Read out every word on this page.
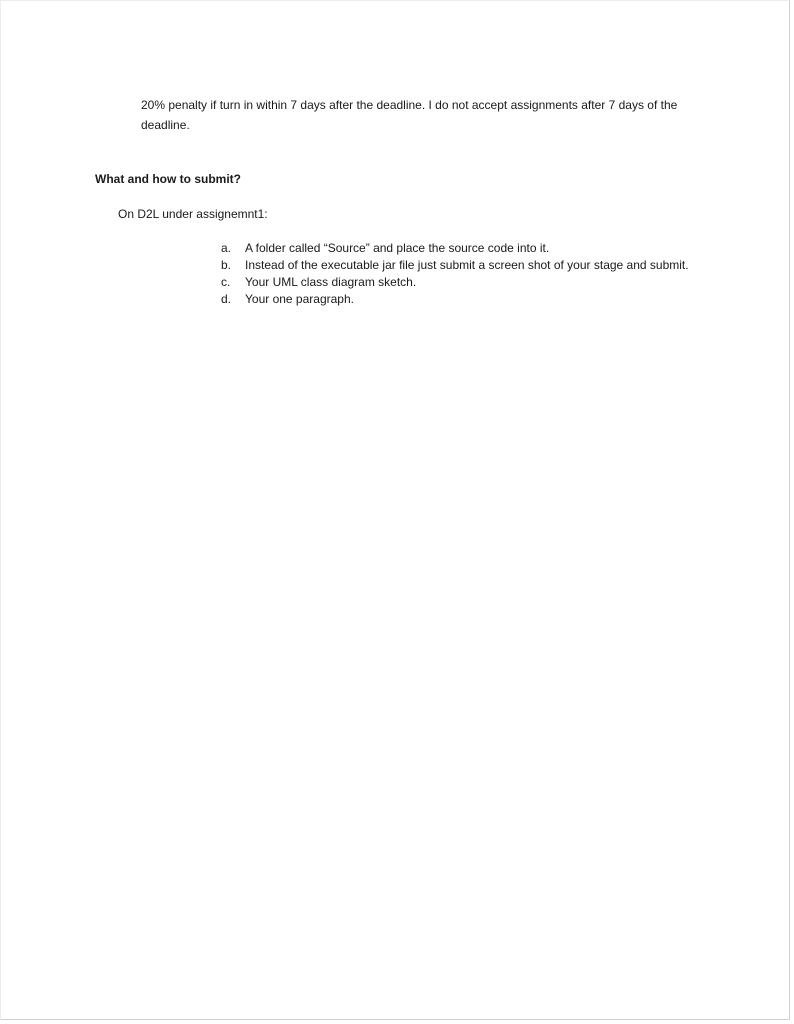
20% penalty if turn in within 7 days after the deadline. I do not accept assignments after 7 days of the deadline.
What and how to submit?
On D2L under assignemnt1:
a.	A folder called “Source” and place the source code into it.
b.	Instead of the executable jar file just submit a screen shot of your stage and submit.
c.	Your UML class diagram sketch.
d.	Your one paragraph.
